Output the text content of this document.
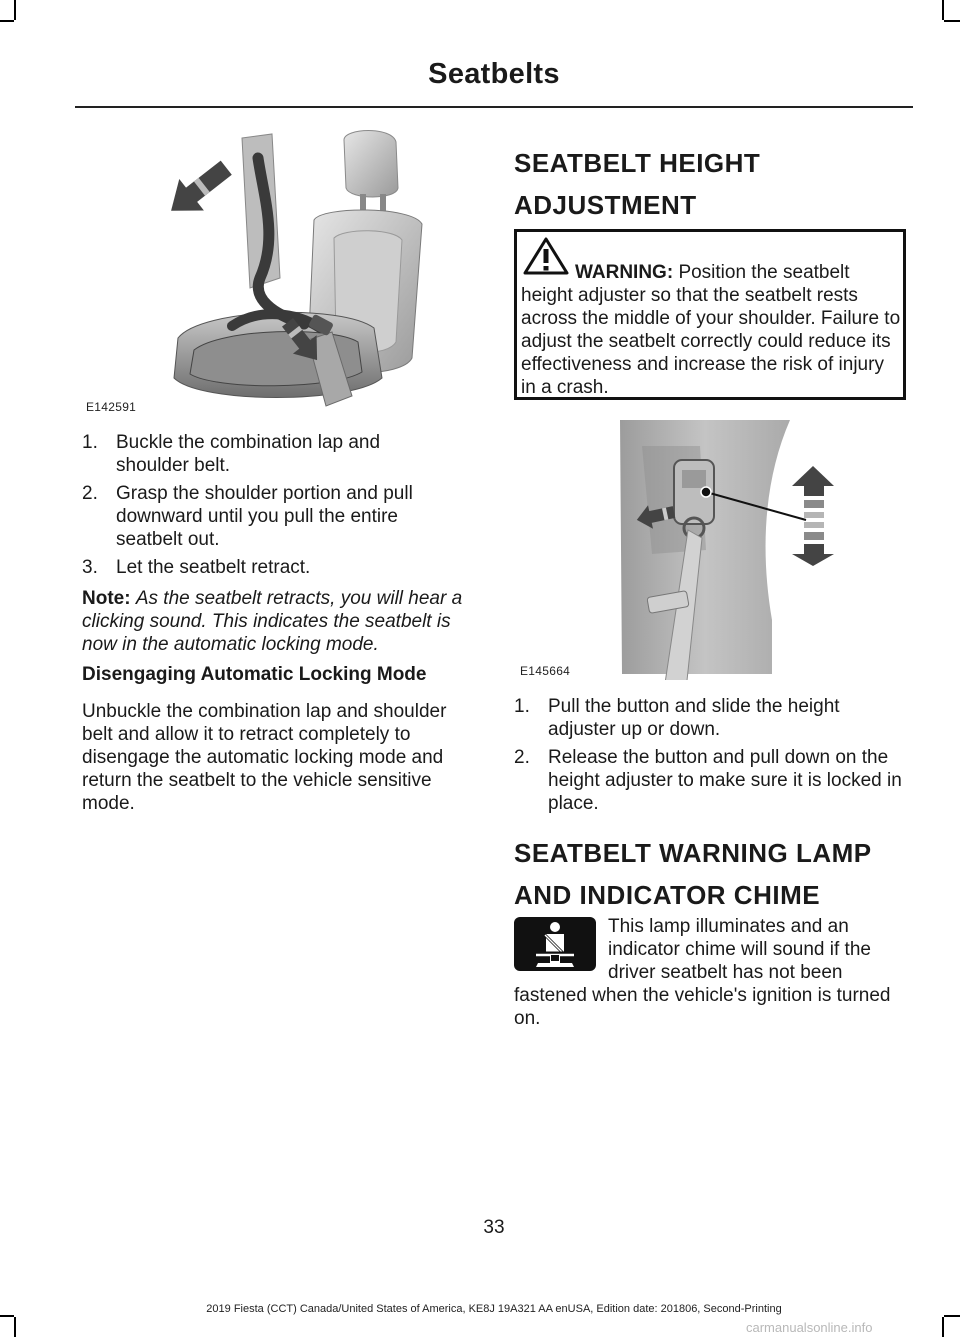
Seatbelts
E142591
1. Buckle the combination lap and
shoulder belt.
2. Grasp the shoulder portion and pull
downward until you pull the entire
seatbelt out.
3. Let the seatbelt retract.
Note: As the seatbelt retracts, you will hear a clicking sound. This indicates the seatbelt is now in the automatic locking mode.
Disengaging Automatic Locking Mode
Unbuckle the combination lap and shoulder belt and allow it to retract completely to disengage the automatic locking mode and return the seatbelt to the vehicle sensitive mode.
SEATBELT HEIGHT
ADJUSTMENT
WARNING: Position the seatbelt height adjuster so that the seatbelt rests across the middle of your shoulder. Failure to adjust the seatbelt correctly could reduce its effectiveness and increase the risk of injury in a crash.
E145664
1. Pull the button and slide the height adjuster up or down.
2. Release the button and pull down on the height adjuster to make sure it is locked in place.
SEATBELT WARNING LAMP
AND INDICATOR CHIME
This lamp illuminates and an indicator chime will sound if the driver seatbelt has not been fastened when the vehicle's ignition is turned on.
33
2019 Fiesta (CCT) Canada/United States of America, KE8J 19A321 AA enUSA, Edition date: 201806, Second-Printing
carmanualsonline.info
